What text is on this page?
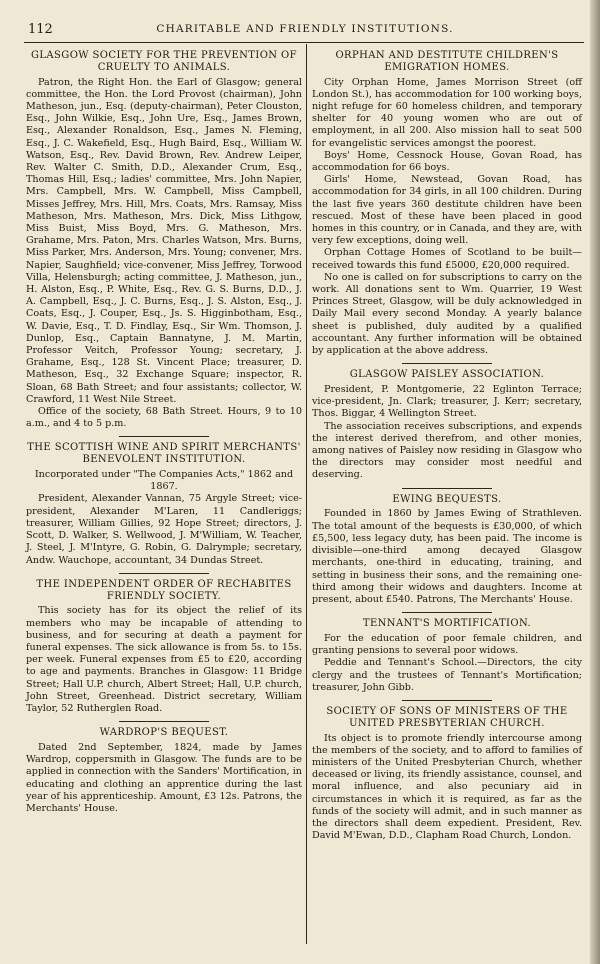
112	CHARITABLE AND FRIENDLY INSTITUTIONS.
GLASGOW SOCIETY FOR THE PREVENTION OF CRUELTY TO ANIMALS.

Patron, the Right Hon. the Earl of Glasgow; general committee, the Hon. the Lord Provost (chairman), John Matheson, jun., Esq. (deputy-chairman), Peter Clouston, Esq., John Wilkie, Esq., John Ure, Esq., James Brown, Esq., Alexander Ronaldson, Esq., James N. Fleming, Esq., J. C. Wakefield, Esq., Hugh Baird, Esq., William W. Watson, Esq., Rev. David Brown, Rev. Andrew Leiper, Rev. Walter C. Smith, D.D., Alexander Crum, Esq., Thomas Hill, Esq.; ladies' committee, Mrs. John Napier, Mrs. Campbell, Mrs. W. Campbell, Miss Campbell, Misses Jeffrey, Mrs. Hill, Mrs. Coats, Mrs. Ramsay, Miss Matheson, Mrs. Matheson, Mrs. Dick, Miss Lithgow, Miss Buist, Miss Boyd, Mrs. G. Matheson, Mrs. Grahame, Mrs. Paton, Mrs. Charles Watson, Mrs. Burns, Miss Parker, Mrs. Anderson, Mrs. Young; convener, Mrs. Napier, Saughfield; vice-convener, Miss Jeffrey, Torwood Villa, Helensburgh; acting committee, J. Matheson, jun., H. Alston, Esq., P. White, Esq., Rev. G. S. Burns, D.D., J. A. Campbell, Esq., J. C. Burns, Esq., J. S. Alston, Esq., J. Coats, Esq., J. Couper, Esq., Js. S. Higginbotham, Esq., W. Davie, Esq., T. D. Findlay, Esq., Sir Wm. Thomson, J. Dunlop, Esq., Captain Bannatyne, J. M. Martin, Professor Veitch, Professor Young; secretary, J. Grahame, Esq., 128 St. Vincent Place; treasurer, D. Matheson, Esq., 32 Exchange Square; inspector, R. Sloan, 68 Bath Street; and four assistants; collector, W. Crawford, 11 West Nile Street.

Office of the society, 68 Bath Street. Hours, 9 to 10 a.m., and 4 to 5 p.m.

THE SCOTTISH WINE AND SPIRIT MERCHANTS' BENEVOLENT INSTITUTION.

Incorporated under "The Companies Acts," 1862 and 1867.

President, Alexander Vannan, 75 Argyle Street; vice-president, Alexander M'Laren, 11 Candleriggs; treasurer, William Gillies, 92 Hope Street; directors, J. Scott, D. Walker, S. Wellwood, J. M'William, W. Teacher, J. Steel, J. M'Intyre, G. Robin, G. Dalrymple; secretary, Andw. Wauchope, accountant, 34 Dundas Street.

THE INDEPENDENT ORDER OF RECHABITES FRIENDLY SOCIETY.

This society has for its object the relief of its members who may be incapable of attending to business, and for securing at death a payment for funeral expenses. The sick allowance is from 5s. to 15s. per week. Funeral expenses from £5 to £20, according to age and payments. Branches in Glasgow: 11 Bridge Street; Hall U.P. church, Albert Street; Hall, U.P. church, John Street, Greenhead. District secretary, William Taylor, 52 Rutherglen Road.

WARDROP'S BEQUEST.

Dated 2nd September, 1824, made by James Wardrop, coppersmith in Glasgow. The funds are to be applied in connection with the Sanders' Mortification, in educating and clothing an apprentice during the last year of his apprenticeship. Amount, £3 12s. Patrons, the Merchants' House.

ORPHAN AND DESTITUTE CHILDREN'S EMIGRATION HOMES.

City Orphan Home, James Morrison Street (off London St.), has accommodation for 100 working boys, night refuge for 60 homeless children, and temporary shelter for 40 young women who are out of employment, in all 200. Also mission hall to seat 500 for evangelistic services amongst the poorest.

Boys' Home, Cessnock House, Govan Road, has accommodation for 66 boys.

Girls' Home, Newstead, Govan Road, has accommodation for 34 girls, in all 100 children. During the last five years 360 destitute children have been rescued. Most of these have been placed in good homes in this country, or in Canada, and they are, with very few exceptions, doing well.

Orphan Cottage Homes of Scotland to be built—received towards this fund £5000, £20,000 required.

No one is called on for subscriptions to carry on the work. All donations sent to Wm. Quarrier, 19 West Princes Street, Glasgow, will be duly acknowledged in Daily Mail every second Monday. A yearly balance sheet is published, duly audited by a qualified accountant. Any further information will be obtained by application at the above address.

GLASGOW PAISLEY ASSOCIATION.

President, P. Montgomerie, 22 Eglinton Terrace; vice-president, Jn. Clark; treasurer, J. Kerr; secretary, Thos. Biggar, 4 Wellington Street.

The association receives subscriptions, and expends the interest derived therefrom, and other monies, among natives of Paisley now residing in Glasgow who the directors may consider most needful and deserving.

EWING BEQUESTS.

Founded in 1860 by James Ewing of Strathleven. The total amount of the bequests is £30,000, of which £5,500, less legacy duty, has been paid. The income is divisible—one-third among decayed Glasgow merchants, one-third in educating, training, and setting in business their sons, and the remaining one-third among their widows and daughters. Income at present, about £540. Patrons, The Merchants' House.

TENNANT'S MORTIFICATION.

For the education of poor female children, and granting pensions to several poor widows.

Peddie and Tennant's School.—Directors, the city clergy and the trustees of Tennant's Mortification; treasurer, John Gibb.

SOCIETY OF SONS OF MINISTERS OF THE UNITED PRESBYTERIAN CHURCH.

Its object is to promote friendly intercourse among the members of the society, and to afford to families of ministers of the United Presbyterian Church, whether deceased or living, its friendly assistance, counsel, and moral influence, and also pecuniary aid in circumstances in which it is required, as far as the funds of the society will admit, and in such manner as the directors shall deem expedient. President, Rev. David M'Ewan, D.D., Clapham Road Church, London.
